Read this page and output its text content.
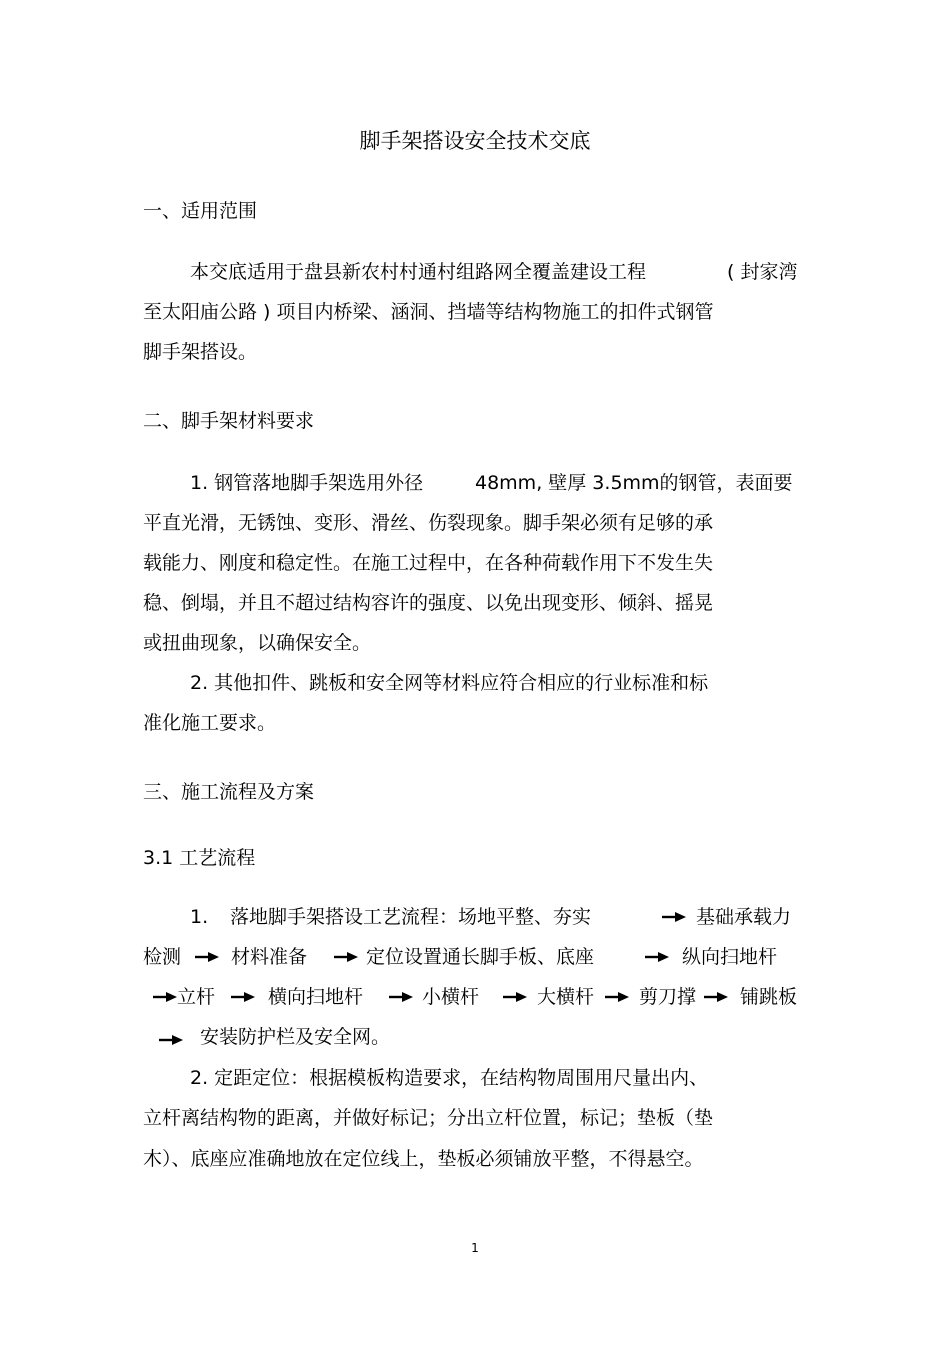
脚手架搭设安全技术交底
一、适用范围
本交底适用于盘县新农村村通村组路网全覆盖建设工程	( 封家湾
至太阳庙公路 ) 项目内桥梁、涵洞、挡墙等结构物施工的扣件式钢管
脚手架搭设。
二、脚手架材料要求
1. 钢管落地脚手架选用外径	48mm, 壁厚 3.5mm的钢管，表面要
平直光滑，无锈蚀、变形、滑丝、伤裂现象。脚手架必须有足够的承
载能力、刚度和稳定性。在施工过程中，在各种荷载作用下不发生失
稳、倒塌，并且不超过结构容许的强度、以免出现变形、倾斜、摇晃
或扭曲现象，以确保安全。
2. 其他扣件、跳板和安全网等材料应符合相应的行业标准和标
准化施工要求。
三、施工流程及方案
3.1 工艺流程
1. 落地脚手架搭设工艺流程：场地平整、夯实	基础承载力
检测	材料准备	定位设置通长脚手板、底座	纵向扫地杆
立杆	横向扫地杆	小横杆	大横杆 剪刀撑 铺跳板
安装防护栏及安全网。
2. 定距定位：根据模板构造要求，在结构物周围用尺量出内、
立杆离结构物的距离，并做好标记；分出立杆位置，标记；垫板（垫
木）、底座应准确地放在定位线上，垫板必须铺放平整，不得悬空。
1
